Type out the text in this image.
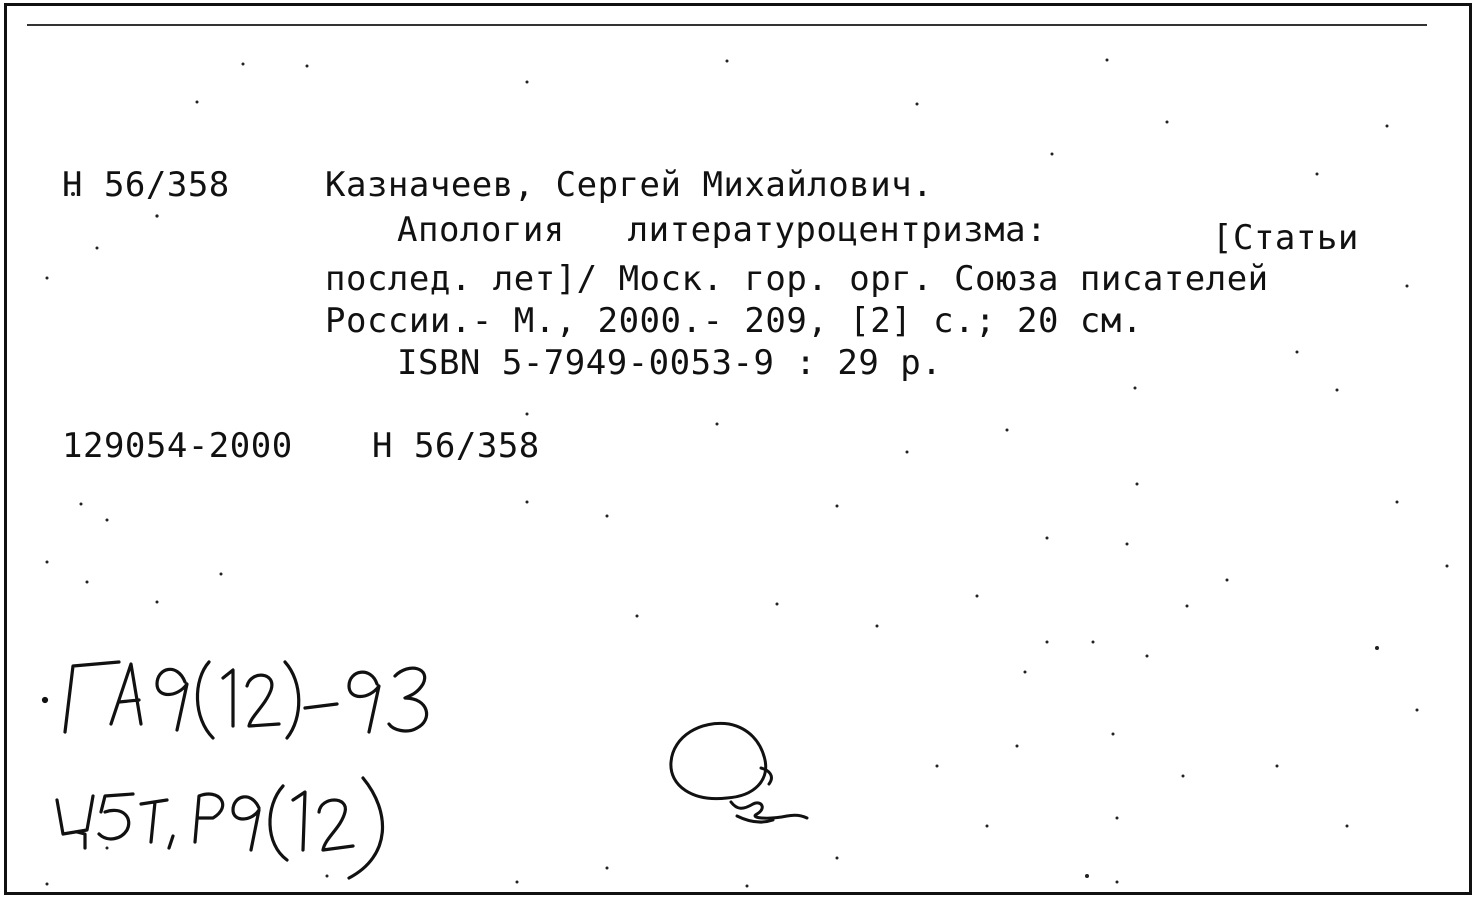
Н 56/358	Казначеев, Сергей Михайлович.
Апология   литературоцентризма:	[Статьи
послед. лет]/ Моск. гор. орг. Союза писателей
России.- М., 2000.- 209, [2] с.; 20 см.
ISBN 5-7949-0053-9 : 29 р.
129054-2000 Н 56/358
